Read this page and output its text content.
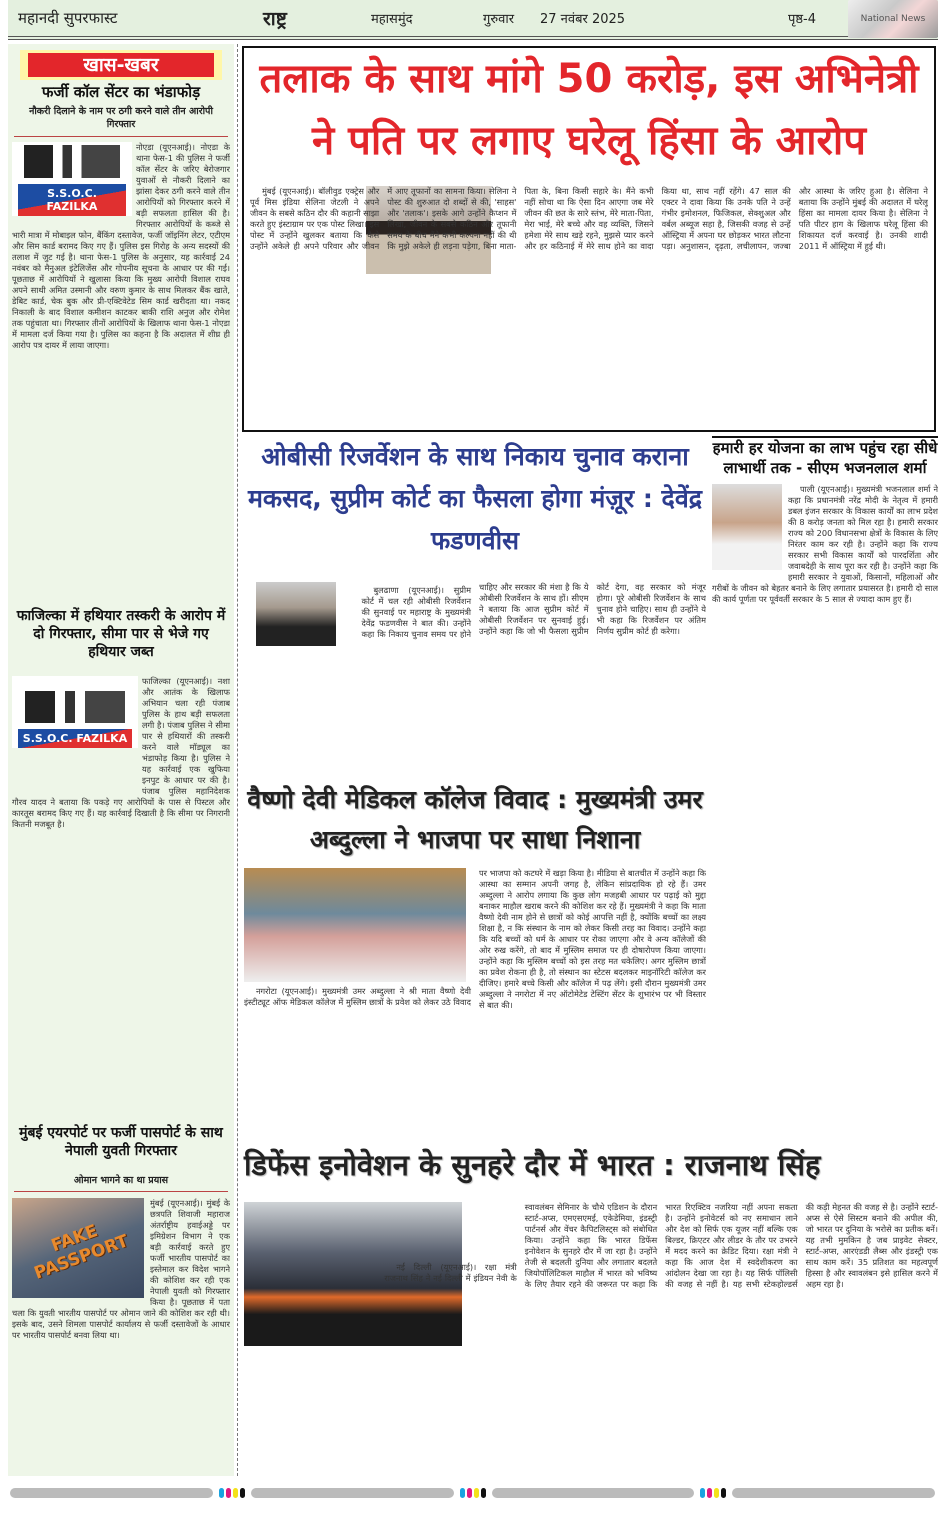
महानदी सुपरफास्ट	राष्ट्र	महासमुंद	गुरुवार 27 नवंबर 2025	पृष्ठ-4	National News
खास-खबर
फर्जी कॉल सेंटर का भंडाफोड़
नौकरी दिलाने के नाम पर ठगी करने वाले तीन आरोपी गिरफ्तार
S.S.O.C. FAZILKA
नोएडा (यूएनआई)। नोएडा के थाना फेस-1 की पुलिस ने फर्जी कॉल सेंटर के जरिए बेरोजगार युवाओं से नौकरी दिलाने का झांसा देकर ठगी करने वाले तीन आरोपियों को गिरफ्तार करने में बड़ी सफलता हासिल की है। गिरफ्तार आरोपियों के कब्जे से भारी मात्रा में मोबाइल फोन, बैंकिंग दस्तावेज, फर्जी जॉइनिंग लेटर, एटीएम और सिम कार्ड बरामद किए गए हैं। पुलिस इस गिरोह के अन्य सदस्यों की तलाश में जुट गई है। थाना फेस-1 पुलिस के अनुसार, यह कार्रवाई 24 नवंबर को मैनुअल इंटेलिजेंस और गोपनीय सूचना के आधार पर की गई। पूछताछ में आरोपियों ने खुलासा किया कि मुख्य आरोपी विशाल राघव अपने साथी अमित उस्मानी और वरुण कुमार के साथ मिलकर बैंक खाते, डेबिट कार्ड, चेक बुक और प्री-एक्टिवेटेड सिम कार्ड खरीदता था। नकद निकाली के बाद विशाल कमीशन काटकर बाकी राशि अनुज और रोमेश तक पहुंचाता था। गिरफ्तार तीनों आरोपियों के खिलाफ थाना फेस-1 नोएडा में मामला दर्ज किया गया है। पुलिस का कहना है कि अदालत में शीघ्र ही आरोप पत्र दायर में लाया जाएगा।
फाजिल्का में हथियार तस्करी के आरोप में दो गिरफ्तार, सीमा पार से भेजे गए हथियार जब्त
S.S.O.C. FAZILKA
फाजिल्का (यूएनआई)। नशा और आतंक के खिलाफ अभियान चला रही पंजाब पुलिस के हाथ बड़ी सफलता लगी है। पंजाब पुलिस ने सीमा पार से हथियारों की तस्करी करने वाले मॉड्यूल का भंडाफोड़ किया है। पुलिस ने यह कार्रवाई एक खुफिया इनपुट के आधार पर की है। पंजाब पुलिस महानिदेशक गौरव यादव ने बताया कि पकड़े गए आरोपियों के पास से पिस्टल और कारतूस बरामद किए गए हैं। यह कार्रवाई दिखाती है कि सीमा पर निगरानी कितनी मजबूत है।
मुंबई एयरपोर्ट पर फर्जी पासपोर्ट के साथ नेपाली युवती गिरफ्तार
ओमान भागने का था प्रयास
FAKE PASSPORT
मुंबई (यूएनआई)। मुंबई के छत्रपति शिवाजी महाराज अंतर्राष्ट्रीय हवाईअड्डे पर इमिग्रेशन विभाग ने एक बड़ी कार्रवाई करते हुए फर्जी भारतीय पासपोर्ट का इस्तेमाल कर विदेश भागने की कोशिश कर रही एक नेपाली युवती को गिरफ्तार किया है। पूछताछ में पता चला कि युवती भारतीय पासपोर्ट पर ओमान जाने की कोशिश कर रही थी। इसके बाद, उसने शिमला पासपोर्ट कार्यालय से फर्जी दस्तावेजों के आधार पर भारतीय पासपोर्ट बनवा लिया था।
तलाक के साथ मांगे 50 करोड़, इस अभिनेत्री ने पति पर लगाए घरेलू हिंसा के आरोप

मुंबई (यूएनआई)। बॉलीवुड एक्ट्रेस और पूर्व मिस इंडिया सेलिना जेटली ने अपने जीवन के सबसे कठिन दौर की कहानी साझा करते हुए इंस्टाग्राम पर एक पोस्ट लिखा। इस पोस्ट में उन्होंने खुलकर बताया कि कैसे उन्होंने अकेले ही अपने परिवार और जीवन में आए तूफानों का सामना किया। सेलिना ने पोस्ट की शुरुआत दो शब्दों से की, 'साहस' और 'तलाक'। इसके आगे उन्होंने कैप्शन में लिखा, जीवन के सबसे कठिन और तूफानी समय के बीच मैंने कभी कल्पना नहीं की थी कि मुझे अकेले ही लड़ना पड़ेगा, बिना माता-पिता के, बिना किसी सहारे के। मैंने कभी नहीं सोचा था कि ऐसा दिन आएगा जब मेरे जीवन की छत के सारे स्तंभ, मेरे माता-पिता, मेरा भाई, मेरे बच्चे और वह व्यक्ति, जिसने हमेशा मेरे साथ खड़े रहने, मुझसे प्यार करने और हर कठिनाई में मेरे साथ होने का वादा किया था, साथ नहीं रहेंगे। 47 साल की एक्टर ने दावा किया कि उनके पति ने उन्हें गंभीर इमोशनल, फिजिकल, सेक्शुअल और वर्बल अब्यूज सहा है, जिसकी वजह से उन्हें ऑस्ट्रिया में अपना घर छोड़कर भारत लौटना पड़ा। अनुशासन, दृढ़ता, लचीलापन, जज्बा और आस्था के जरिए हुआ है। सेलिना ने बताया कि उन्होंने मुंबई की अदालत में घरेलू हिंसा का मामला दायर किया है। सेलिना ने पति पीटर हाग के खिलाफ घरेलू हिंसा की शिकायत दर्ज करवाई है। उनकी शादी 2011 में ऑस्ट्रिया में हुई थी।

ओबीसी रिजर्वेशन के साथ निकाय चुनाव कराना मकसद, सुप्रीम कोर्ट का फैसला होगा मंज़ूर : देवेंद्र फडणवीस

बुलढाणा (यूएनआई)। सुप्रीम कोर्ट में चल रही ओबीसी रिजर्वेशन की सुनवाई पर महाराष्ट्र के मुख्यमंत्री देवेंद्र फडणवीस ने बात की। उन्होंने कहा कि निकाय चुनाव समय पर होने चाहिए और सरकार की मंशा है कि ये ओबीसी रिजर्वेशन के साथ हों। सीएम ने बताया कि आज सुप्रीम कोर्ट में ओबीसी रिजर्वेशन पर सुनवाई हुई। उन्होंने कहा कि जो भी फैसला सुप्रीम कोर्ट देगा, वह सरकार को मंजूर होगा। पूरे ओबीसी रिजर्वेशन के साथ चुनाव होने चाहिए। साथ ही उन्होंने ये भी कहा कि रिजर्वेशन पर अंतिम निर्णय सुप्रीम कोर्ट ही करेगा।

हमारी हर योजना का लाभ पहुंच रहा सीधे लाभार्थी तक - सीएम भजनलाल शर्मा

पाली (यूएनआई)। मुख्यमंत्री भजनलाल शर्मा ने कहा कि प्रधानमंत्री नरेंद्र मोदी के नेतृत्व में हमारी डबल इंजन सरकार के विकास कार्यों का लाभ प्रदेश की 8 करोड़ जनता को मिल रहा है। हमारी सरकार राज्य को 200 विधानसभा क्षेत्रों के विकास के लिए निरंतर काम कर रही है। उन्होंने कहा कि राज्य सरकार सभी विकास कार्यों को पारदर्शिता और जवाबदेही के साथ पूरा कर रही है। उन्होंने कहा कि हमारी सरकार ने युवाओं, किसानों, महिलाओं और गरीबों के जीवन को बेहतर बनाने के लिए लगातार प्रयासरत है। हमारी दो साल की कार्य पूर्णता पर पूर्ववर्ती सरकार के 5 साल से ज्यादा काम हुए हैं।

वैष्णो देवी मेडिकल कॉलेज विवाद : मुख्यमंत्री उमर अब्दुल्ला ने भाजपा पर साधा निशाना

नगरोटा (यूएनआई)। मुख्यमंत्री उमर अब्दुल्ला ने श्री माता वैष्णो देवी इंस्टीट्यूट ऑफ मेडिकल कॉलेज में मुस्लिम छात्रों के प्रवेश को लेकर उठे विवाद पर भाजपा को कटघरे में खड़ा किया है। मीडिया से बातचीत में उन्होंने कहा कि आस्था का सम्मान अपनी जगह है, लेकिन सांप्रदायिक हो रहे हैं। उमर अब्दुल्ला ने आरोप लगाया कि कुछ लोग मजहबी आधार पर पढ़ाई को मुद्दा बनाकर माहौल खराब करने की कोशिश कर रहे हैं। मुख्यमंत्री ने कहा कि माता वैष्णो देवी नाम होने से छात्रों को कोई आपत्ति नहीं है, क्योंकि बच्चों का लक्ष्य शिक्षा है, न कि संस्थान के नाम को लेकर किसी तरह का विवाद। उन्होंने कहा कि यदि बच्चों को धर्म के आधार पर रोका जाएगा और वे अन्य कॉलेजों की ओर रुख करेंगे, तो बाद में मुस्लिम समाज पर ही दोषारोपण किया जाएगा। उन्होंने कहा कि मुस्लिम बच्चों को इस तरह मत धकेलिए। अगर मुस्लिम छात्रों का प्रवेश रोकना ही है, तो संस्थान का स्टेटस बदलकर माइनॉरिटी कॉलेज कर दीजिए। हमारे बच्चे किसी और कॉलेज में पढ़ लेंगे। इसी दौरान मुख्यमंत्री उमर अब्दुल्ला ने नगरोटा में नए ऑटोमेटेड टेस्टिंग सेंटर के शुभारंभ पर भी विस्तार से बात की।

डिफेंस इनोवेशन के सुनहरे दौर में भारत : राजनाथ सिंह

नई दिल्ली (यूएनआई)। रक्षा मंत्री राजनाथ सिंह ने नई दिल्ली में इंडियन नेवी के स्वावलंबन सेमिनार के चौथे एडिशन के दौरान स्टार्ट-अप्स, एमएसएमई, एकेडेमिया, इंडस्ट्री पार्टनर्स और वेंचर कैपिटलिस्ट्स को संबोधित किया। उन्होंने कहा कि भारत डिफेंस इनोवेशन के सुनहरे दौर में जा रहा है। उन्होंने तेजी से बदलती दुनिया और लगातार बदलते जियोपॉलिटिकल माहौल में भारत को भविष्य के लिए तैयार रहने की जरूरत पर कहा कि भारत रिएक्टिव नजरिया नहीं अपना सकता है। उन्होंने इनोवेटर्स को नए समाधान लाने और देश को सिर्फ एक यूजर नहीं बल्कि एक बिल्डर, क्रिएटर और लीडर के तौर पर उभरने में मदद करने का क्रेडिट दिया। रक्षा मंत्री ने कहा कि आज देश में स्वदेशीकरण का आंदोलन देखा जा रहा है। यह सिर्फ पॉलिसी की वजह से नहीं है। यह सभी स्टेकहोल्डर्स की कड़ी मेहनत की वजह से है। उन्होंने स्टार्ट-अप्स से ऐसे सिस्टम बनाने की अपील की, जो भारत पर दुनिया के भरोसे का प्रतीक बनें। यह तभी मुमकिन है जब प्राइवेट सेक्टर, स्टार्ट-अप्स, आरएंडडी लैब्स और इंडस्ट्री एक साथ काम करें। 35 प्रतिशत का महत्वपूर्ण हिस्सा है और स्वावलंबन इसे हासिल करने में अहम रहा है।
